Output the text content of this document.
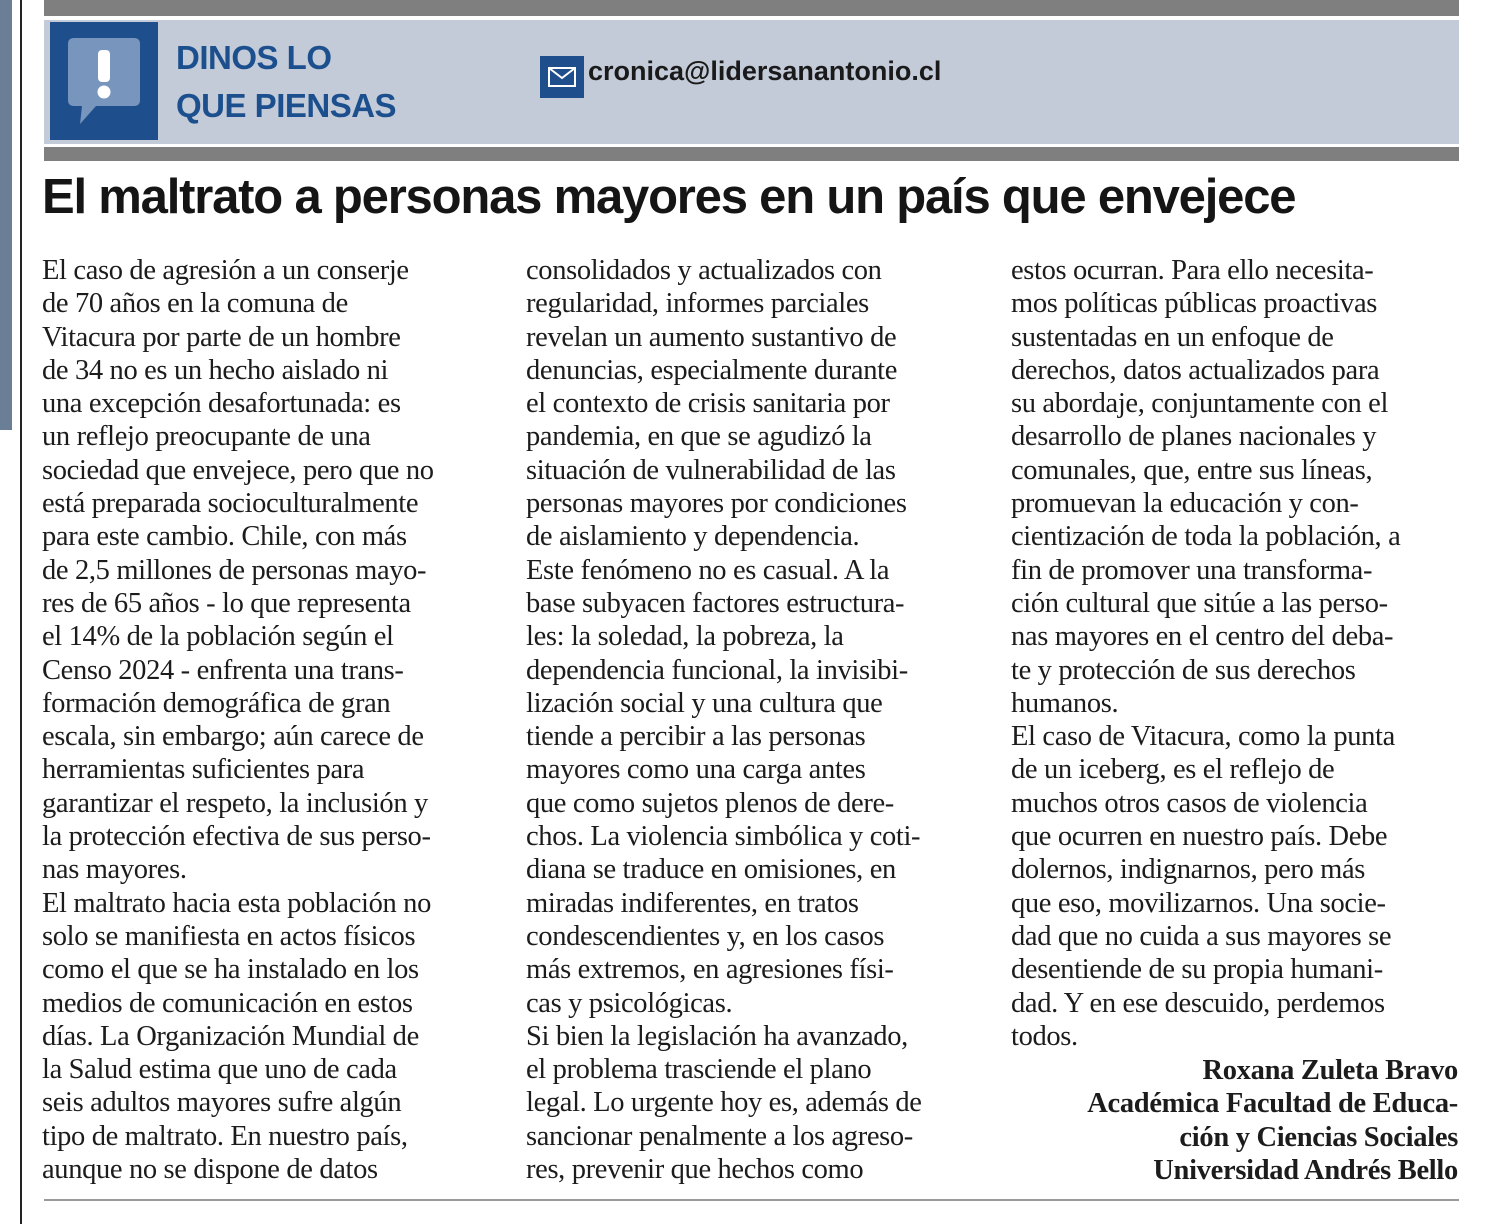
DINOS LO
QUE PIENSAS
cronica@lidersanantonio.cl
El maltrato a personas mayores en un país que envejece
El caso de agresión a un conserje
de 70 años en la comuna de
Vitacura por parte de un hombre
de 34 no es un hecho aislado ni
una excepción desafortunada: es
un reflejo preocupante de una
sociedad que envejece, pero que no
está preparada socioculturalmente
para este cambio. Chile, con más
de 2,5 millones de personas mayo-
res de 65 años - lo que representa
el 14% de la población según el
Censo 2024 - enfrenta una trans-
formación demográfica de gran
escala, sin embargo; aún carece de
herramientas suficientes para
garantizar el respeto, la inclusión y
la protección efectiva de sus perso-
nas mayores.
El maltrato hacia esta población no
solo se manifiesta en actos físicos
como el que se ha instalado en los
medios de comunicación en estos
días. La Organización Mundial de
la Salud estima que uno de cada
seis adultos mayores sufre algún
tipo de maltrato. En nuestro país,
aunque no se dispone de datos
consolidados y actualizados con
regularidad, informes parciales
revelan un aumento sustantivo de
denuncias, especialmente durante
el contexto de crisis sanitaria por
pandemia, en que se agudizó la
situación de vulnerabilidad de las
personas mayores por condiciones
de aislamiento y dependencia.
Este fenómeno no es casual. A la
base subyacen factores estructura-
les: la soledad, la pobreza, la
dependencia funcional, la invisibi-
lización social y una cultura que
tiende a percibir a las personas
mayores como una carga antes
que como sujetos plenos de dere-
chos. La violencia simbólica y coti-
diana se traduce en omisiones, en
miradas indiferentes, en tratos
condescendientes y, en los casos
más extremos, en agresiones físi-
cas y psicológicas.
Si bien la legislación ha avanzado,
el problema trasciende el plano
legal. Lo urgente hoy es, además de
sancionar penalmente a los agreso-
res, prevenir que hechos como
estos ocurran. Para ello necesita-
mos políticas públicas proactivas
sustentadas en un enfoque de
derechos, datos actualizados para
su abordaje, conjuntamente con el
desarrollo de planes nacionales y
comunales, que, entre sus líneas,
promuevan la educación y con-
cientización de toda la población, a
fin de promover una transforma-
ción cultural que sitúe a las perso-
nas mayores en el centro del deba-
te y protección de sus derechos
humanos.
El caso de Vitacura, como la punta
de un iceberg, es el reflejo de
muchos otros casos de violencia
que ocurren en nuestro país. Debe
dolernos, indignarnos, pero más
que eso, movilizarnos. Una socie-
dad que no cuida a sus mayores se
desentiende de su propia humani-
dad. Y en ese descuido, perdemos
todos.
Roxana Zuleta Bravo
Académica Facultad de Educa-
ción y Ciencias Sociales
Universidad Andrés Bello
